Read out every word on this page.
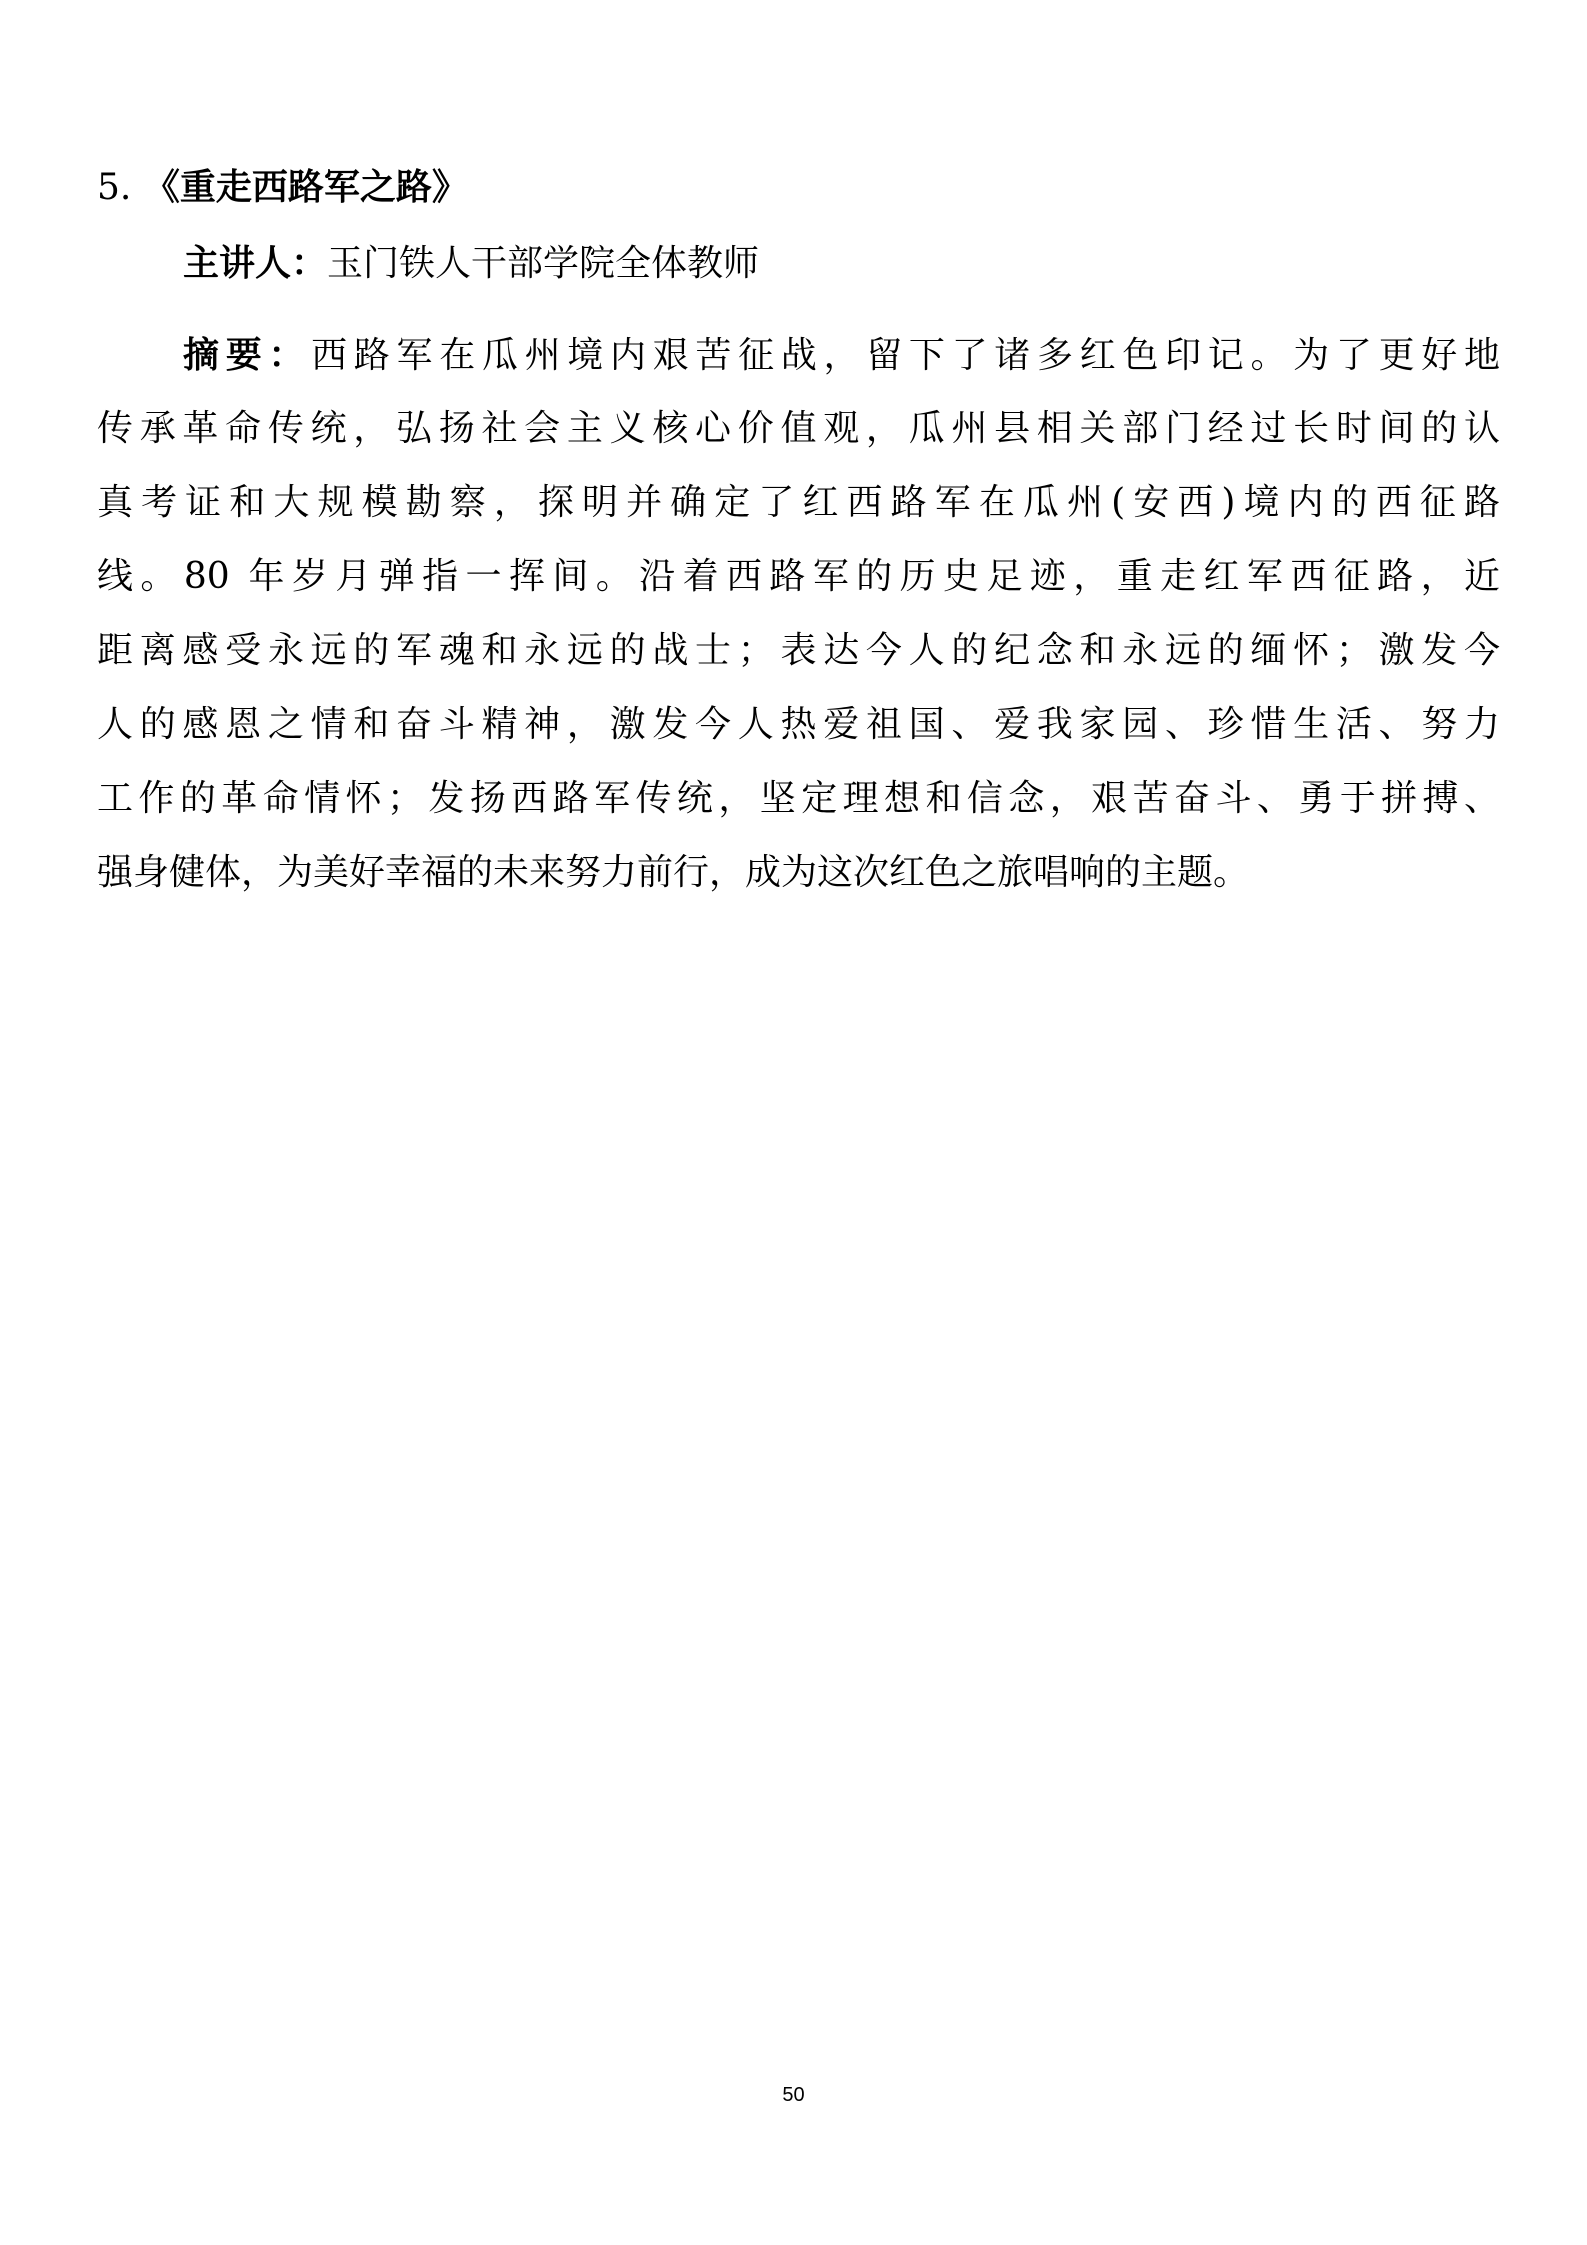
5. 《重走西路军之路》
主讲人：玉门铁人干部学院全体教师
摘要：西路军在瓜州境内艰苦征战，留下了诸多红色印记。为了更好地
传承革命传统，弘扬社会主义核心价值观，瓜州县相关部门经过长时间的认
真考证和大规模勘察，探明并确定了红西路军在瓜州(安西)境内的西征路
线。80 年岁月弹指一挥间。沿着西路军的历史足迹，重走红军西征路，近
距离感受永远的军魂和永远的战士；表达今人的纪念和永远的缅怀；激发今
人的感恩之情和奋斗精神，激发今人热爱祖国、爱我家园、珍惜生活、努力
工作的革命情怀；发扬西路军传统，坚定理想和信念，艰苦奋斗、勇于拼搏、
强身健体，为美好幸福的未来努力前行，成为这次红色之旅唱响的主题。
50
